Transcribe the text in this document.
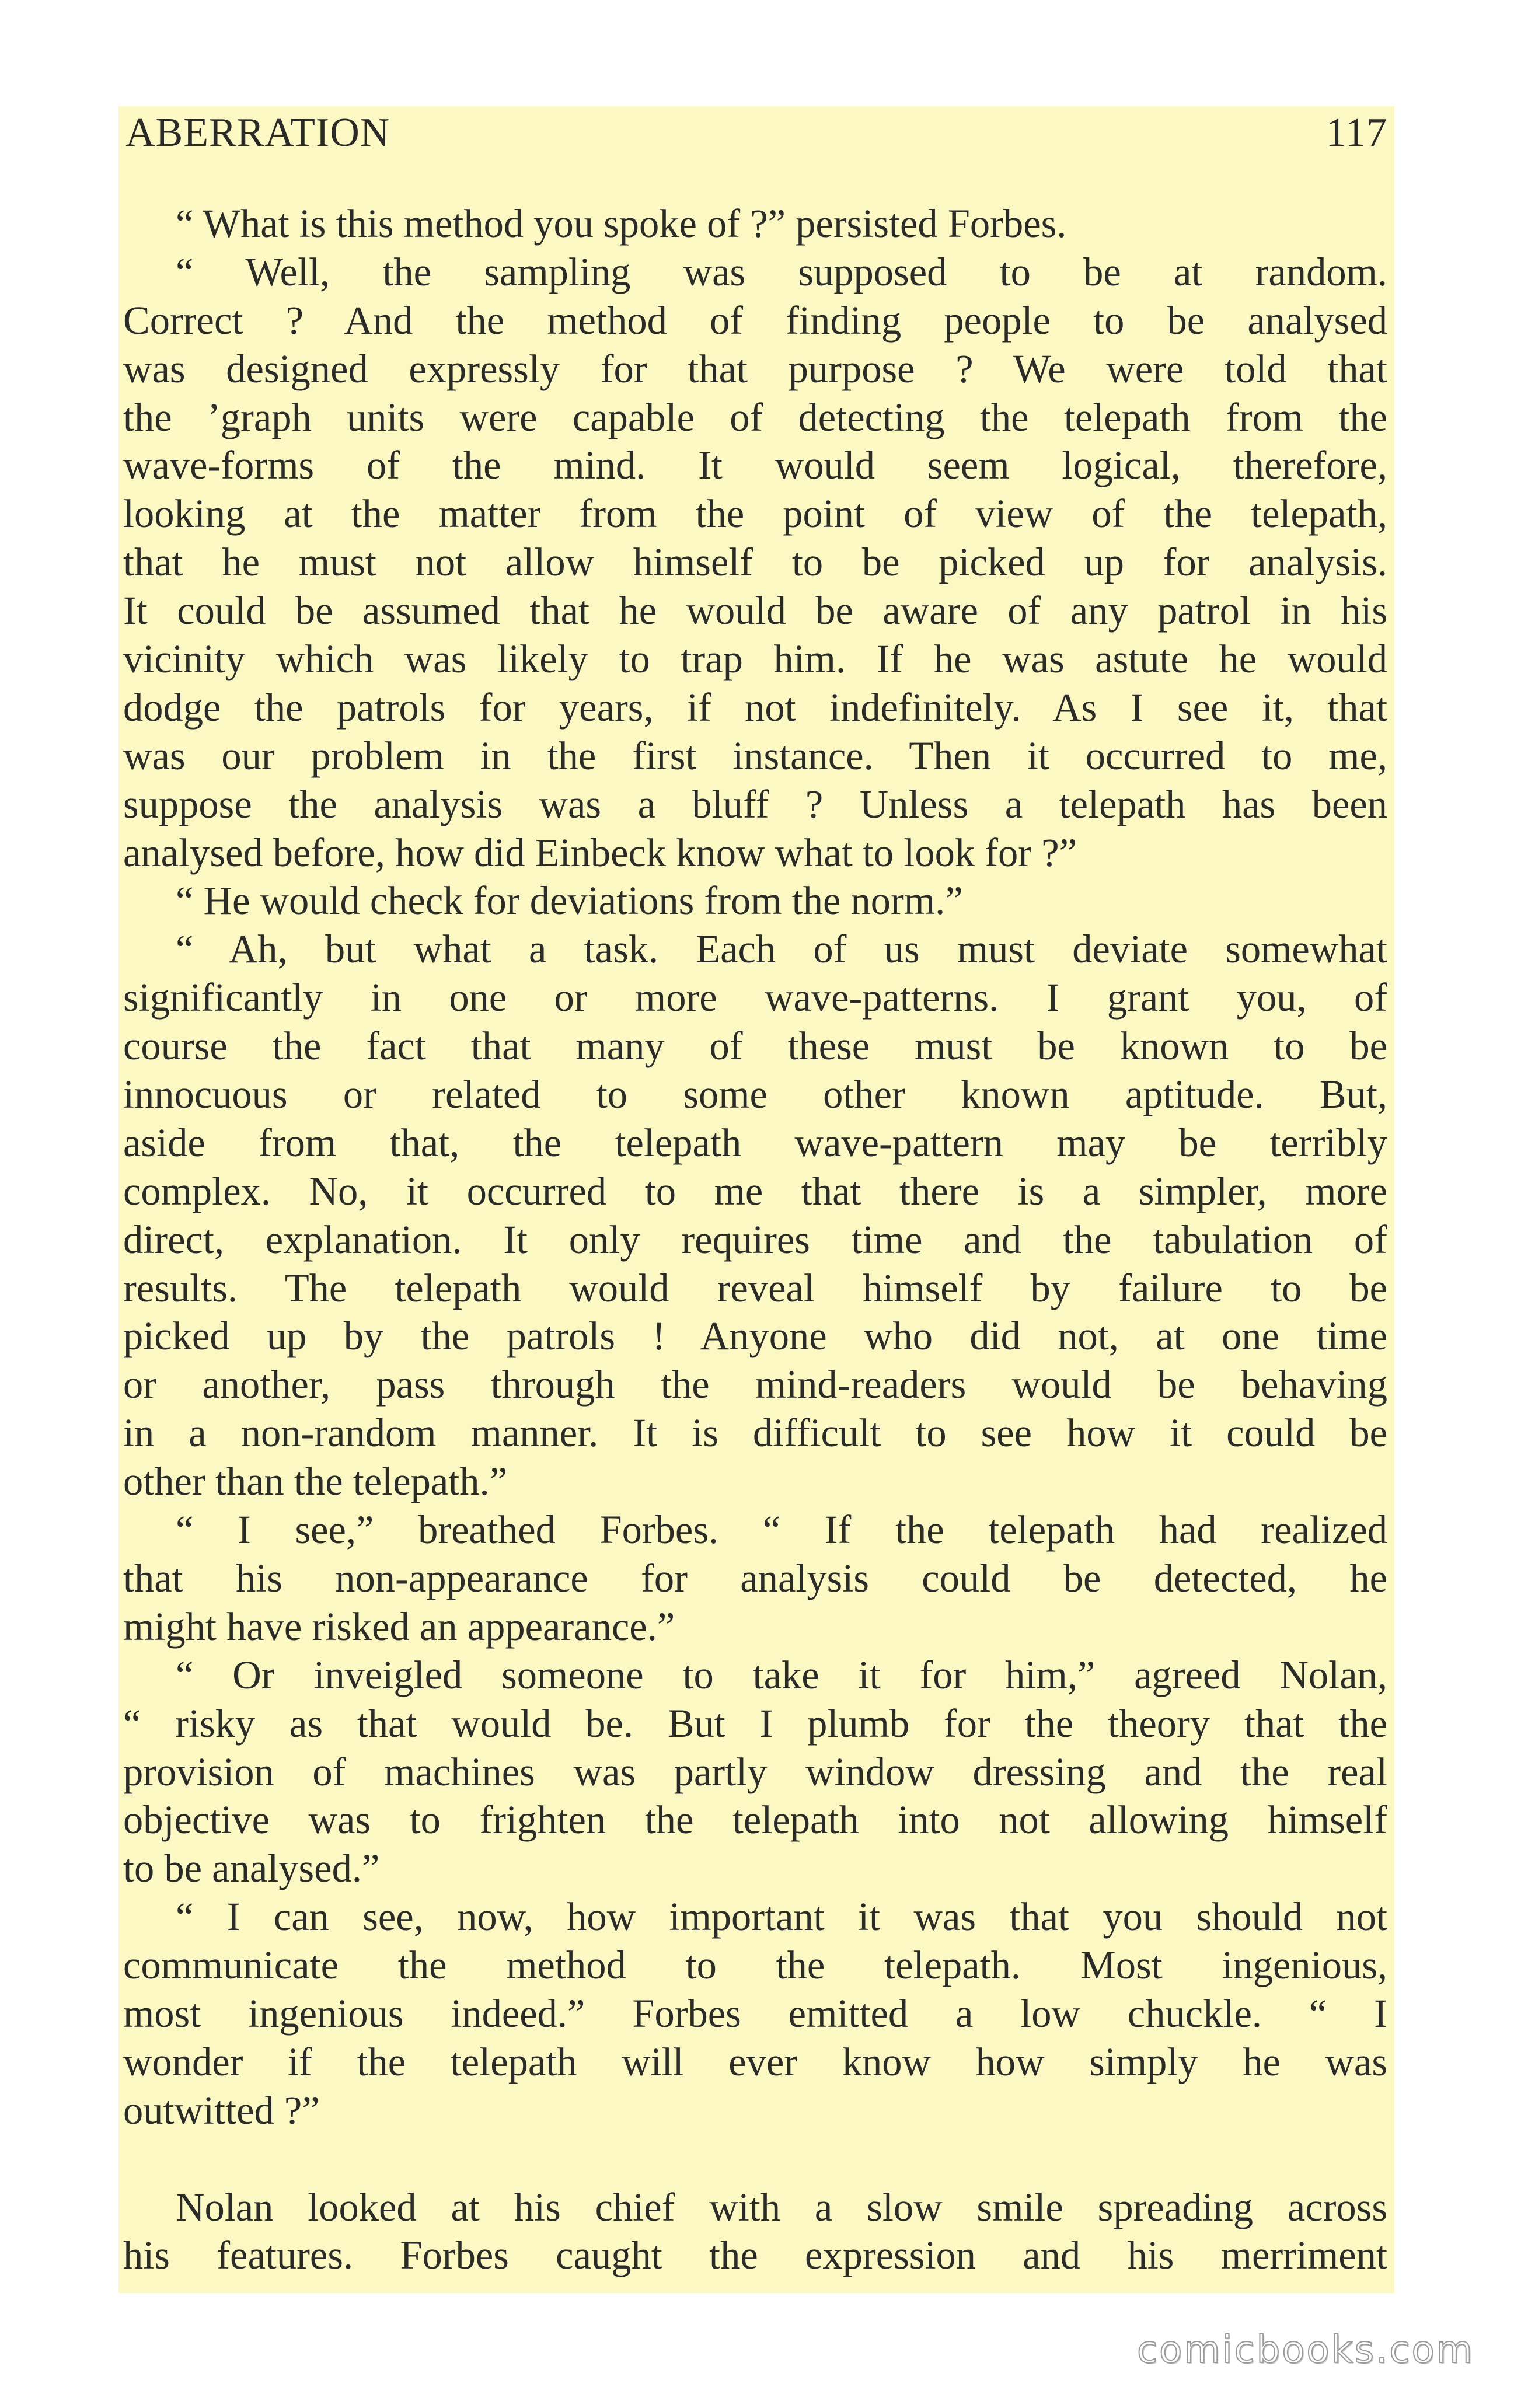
ABERRATION	117
“ What is this method you spoke of ?” persisted Forbes.
“ Well, the sampling was supposed to be at random.
Correct ? And the method of finding people to be analysed
was designed expressly for that purpose ? We were told that
the ’graph units were capable of detecting the telepath from the
wave-forms of the mind. It would seem logical, therefore,
looking at the matter from the point of view of the telepath,
that he must not allow himself to be picked up for analysis.
It could be assumed that he would be aware of any patrol in his
vicinity which was likely to trap him. If he was astute he would
dodge the patrols for years, if not indefinitely. As I see it, that
was our problem in the first instance. Then it occurred to me,
suppose the analysis was a bluff ? Unless a telepath has been
analysed before, how did Einbeck know what to look for ?”
“ He would check for deviations from the norm.”
“ Ah, but what a task. Each of us must deviate somewhat
significantly in one or more wave-patterns. I grant you, of
course the fact that many of these must be known to be
innocuous or related to some other known aptitude. But,
aside from that, the telepath wave-pattern may be terribly
complex. No, it occurred to me that there is a simpler, more
direct, explanation. It only requires time and the tabulation of
results. The telepath would reveal himself by failure to be
picked up by the patrols ! Anyone who did not, at one time
or another, pass through the mind-readers would be behaving
in a non-random manner. It is difficult to see how it could be
other than the telepath.”
“ I see,” breathed Forbes. “ If the telepath had realized
that his non-appearance for analysis could be detected, he
might have risked an appearance.”
“ Or inveigled someone to take it for him,” agreed Nolan,
“ risky as that would be. But I plumb for the theory that the
provision of machines was partly window dressing and the real
objective was to frighten the telepath into not allowing himself
to be analysed.”
“ I can see, now, how important it was that you should not
communicate the method to the telepath. Most ingenious,
most ingenious indeed.” Forbes emitted a low chuckle. “ I
wonder if the telepath will ever know how simply he was
outwitted ?”
Nolan looked at his chief with a slow smile spreading across
his features. Forbes caught the expression and his merriment
comicbooks.com
